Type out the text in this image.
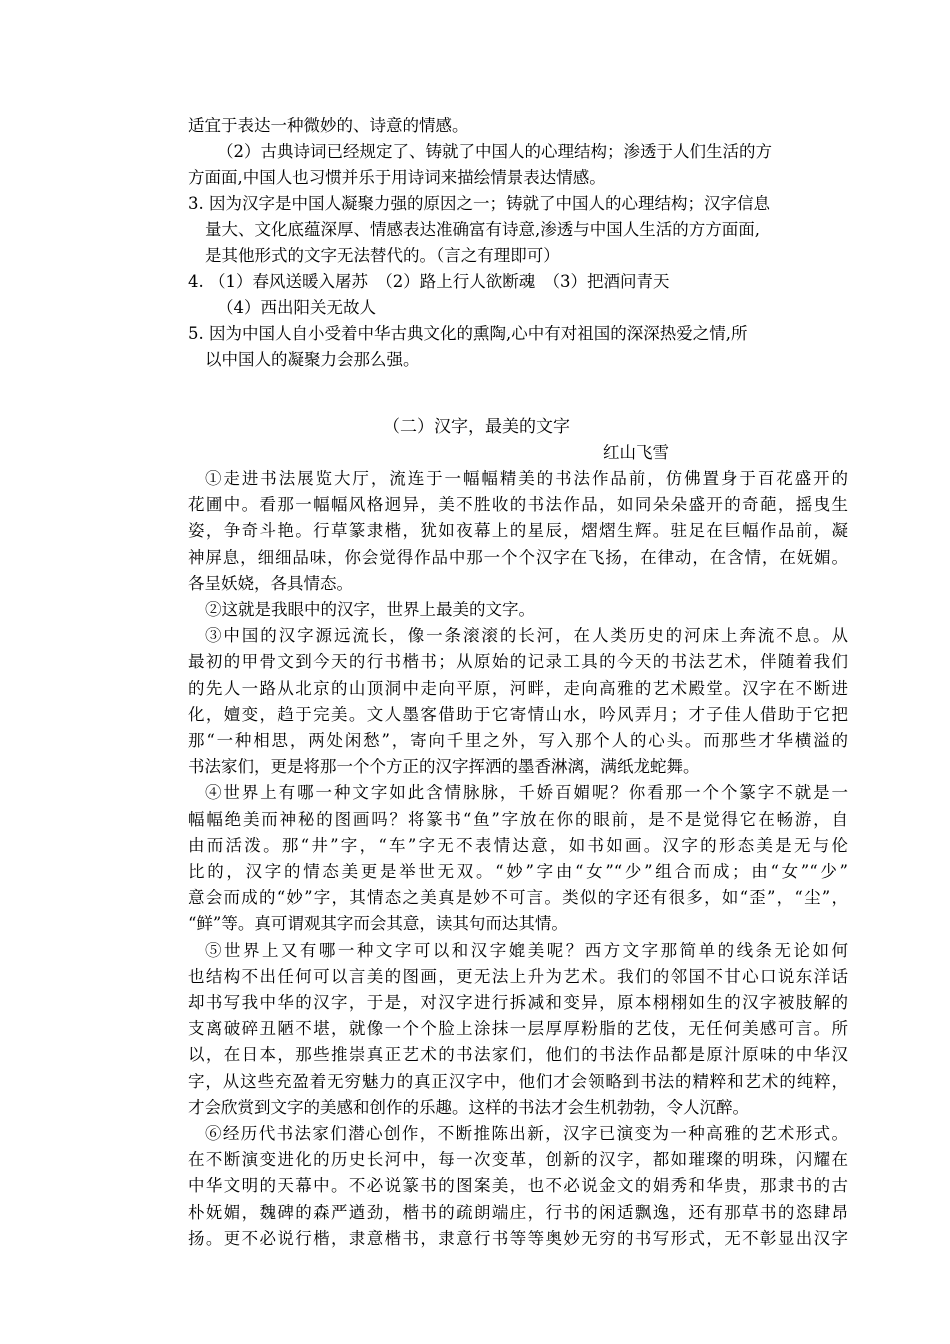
适宜于表达一种微妙的、诗意的情感。
（2）古典诗词已经规定了、铸就了中国人的心理结构；渗透于人们生活的方
方面面,中国人也习惯并乐于用诗词来描绘情景表达情感。
3. 因为汉字是中国人凝聚力强的原因之一；铸就了中国人的心理结构；汉字信息
量大、文化底蕴深厚、情感表达准确富有诗意,渗透与中国人生活的方方面面,
是其他形式的文字无法替代的。（言之有理即可）
4. （1）春风送暖入屠苏　（2）路上行人欲断魂　（3）把酒问青天
（4）西出阳关无故人
5. 因为中国人自小受着中华古典文化的熏陶,心中有对祖国的深深热爱之情,所
以中国人的凝聚力会那么强。
（二）汉字，最美的文字
红山飞雪
①走进书法展览大厅，流连于一幅幅精美的书法作品前，仿佛置身于百花盛开的
花圃中。看那一幅幅风格迥异，美不胜收的书法作品，如同朵朵盛开的奇葩，摇曳生
姿，争奇斗艳。行草篆隶楷，犹如夜幕上的星辰，熠熠生辉。驻足在巨幅作品前，凝
神屏息，细细品味，你会觉得作品中那一个个汉字在飞扬，在律动，在含情，在妩媚。
各呈妖娆，各具情态。
②这就是我眼中的汉字，世界上最美的文字。
③中国的汉字源远流长，像一条滚滚的长河，在人类历史的河床上奔流不息。从
最初的甲骨文到今天的行书楷书；从原始的记录工具的今天的书法艺术，伴随着我们
的先人一路从北京的山顶洞中走向平原，河畔，走向高雅的艺术殿堂。汉字在不断进
化，嬗变，趋于完美。文人墨客借助于它寄情山水，吟风弄月；才子佳人借助于它把
那“一种相思，两处闲愁”，寄向千里之外，写入那个人的心头。而那些才华横溢的
书法家们，更是将那一个个方正的汉字挥洒的墨香淋漓，满纸龙蛇舞。
④世界上有哪一种文字如此含情脉脉，千娇百媚呢？你看那一个个篆字不就是一
幅幅绝美而神秘的图画吗？将篆书“鱼”字放在你的眼前，是不是觉得它在畅游，自
由而活泼。那“井”字，“车”字无不表情达意，如书如画。汉字的形态美是无与伦
比的，汉字的情态美更是举世无双。“妙”字由“女”“少”组合而成；由“女”“少”
意会而成的“妙”字，其情态之美真是妙不可言。类似的字还有很多，如“歪”，“尘”，
“鲜”等。真可谓观其字而会其意，读其句而达其情。
⑤世界上又有哪一种文字可以和汉字媲美呢？西方文字那简单的线条无论如何
也结构不出任何可以言美的图画，更无法上升为艺术。我们的邻国不甘心口说东洋话
却书写我中华的汉字，于是，对汉字进行拆减和变异，原本栩栩如生的汉字被肢解的
支离破碎丑陋不堪，就像一个个脸上涂抹一层厚厚粉脂的艺伎，无任何美感可言。所
以，在日本，那些推崇真正艺术的书法家们，他们的书法作品都是原汁原味的中华汉
字，从这些充盈着无穷魅力的真正汉字中，他们才会领略到书法的精粹和艺术的纯粹，
才会欣赏到文字的美感和创作的乐趣。这样的书法才会生机勃勃，令人沉醉。
⑥经历代书法家们潜心创作，不断推陈出新，汉字已演变为一种高雅的艺术形式。
在不断演变进化的历史长河中，每一次变革，创新的汉字，都如璀璨的明珠，闪耀在
中华文明的天幕中。不必说篆书的图案美，也不必说金文的娟秀和华贵，那隶书的古
朴妩媚，魏碑的森严遒劲，楷书的疏朗端庄，行书的闲适飘逸，还有那草书的恣肆昂
扬。更不必说行楷，隶意楷书，隶意行书等等奥妙无穷的书写形式，无不彰显出汉字
